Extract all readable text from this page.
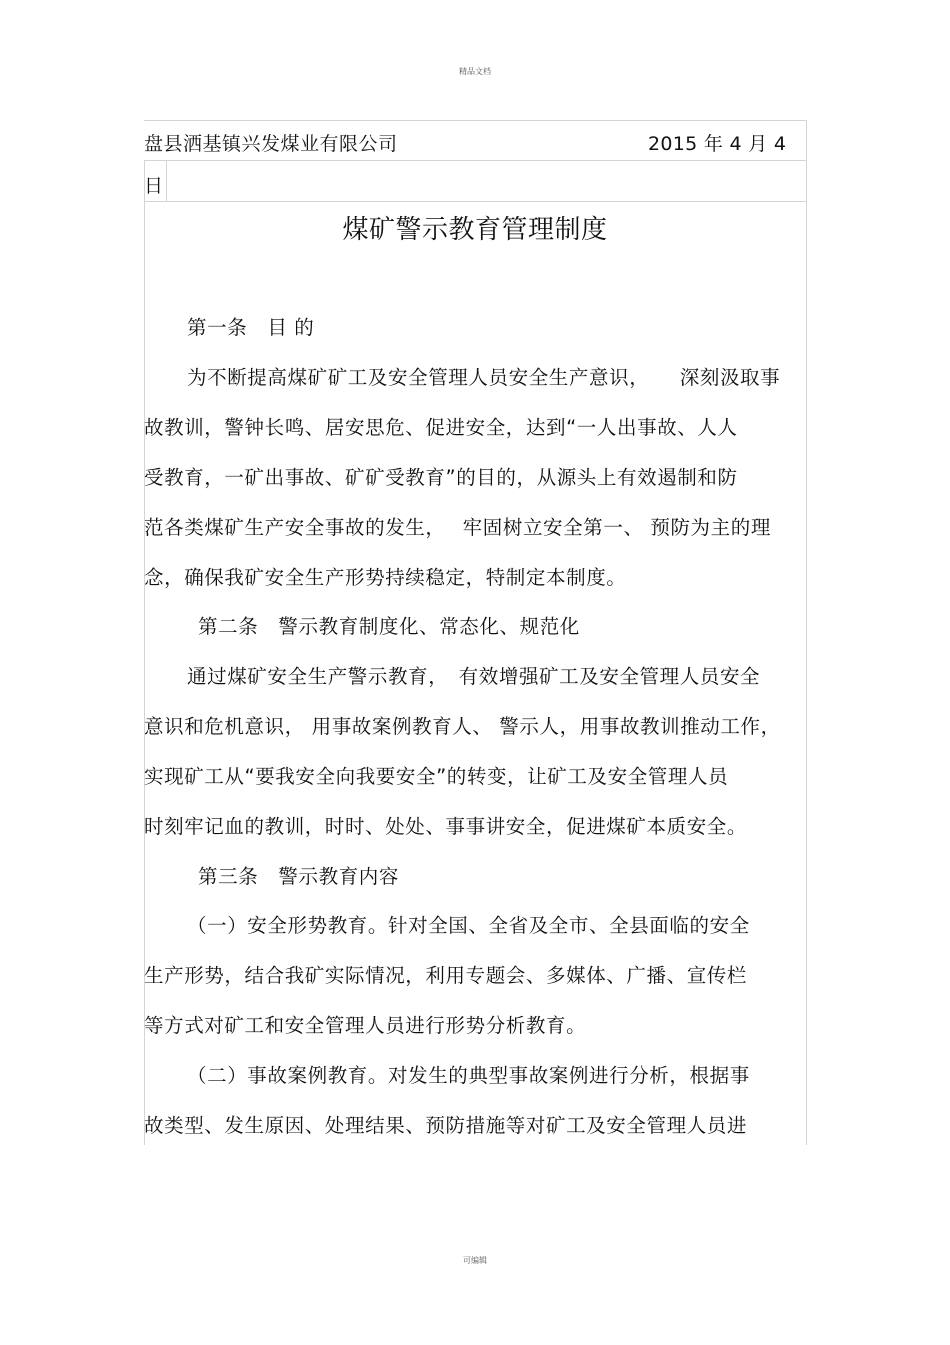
精品文档
盘县洒基镇兴发煤业有限公司	2015 年 4 月 4
日
煤矿警示教育管理制度
第一条　目 的
为不断提高煤矿矿工及安全管理人员安全生产意识，　　深刻汲取事
故教训，警钟长鸣、居安思危、促进安全，达到“一人出事故、人人
受教育，一矿出事故、矿矿受教育”的目的，从源头上有效遏制和防
范各类煤矿生产安全事故的发生，　 牢固树立安全第一、 预防为主的理
念，确保我矿安全生产形势持续稳定，特制定本制度。
第二条　警示教育制度化、常态化、规范化
通过煤矿安全生产警示教育，　有效增强矿工及安全管理人员安全
意识和危机意识， 用事故案例教育人、 警示人，用事故教训推动工作，
实现矿工从“要我安全向我要安全”的转变，让矿工及安全管理人员
时刻牢记血的教训，时时、处处、事事讲安全，促进煤矿本质安全。
第三条　警示教育内容
（一）安全形势教育。针对全国、全省及全市、全县面临的安全
生产形势，结合我矿实际情况，利用专题会、多媒体、广播、宣传栏
等方式对矿工和安全管理人员进行形势分析教育。
（二）事故案例教育。对发生的典型事故案例进行分析，根据事
故类型、发生原因、处理结果、预防措施等对矿工及安全管理人员进
可编辑
